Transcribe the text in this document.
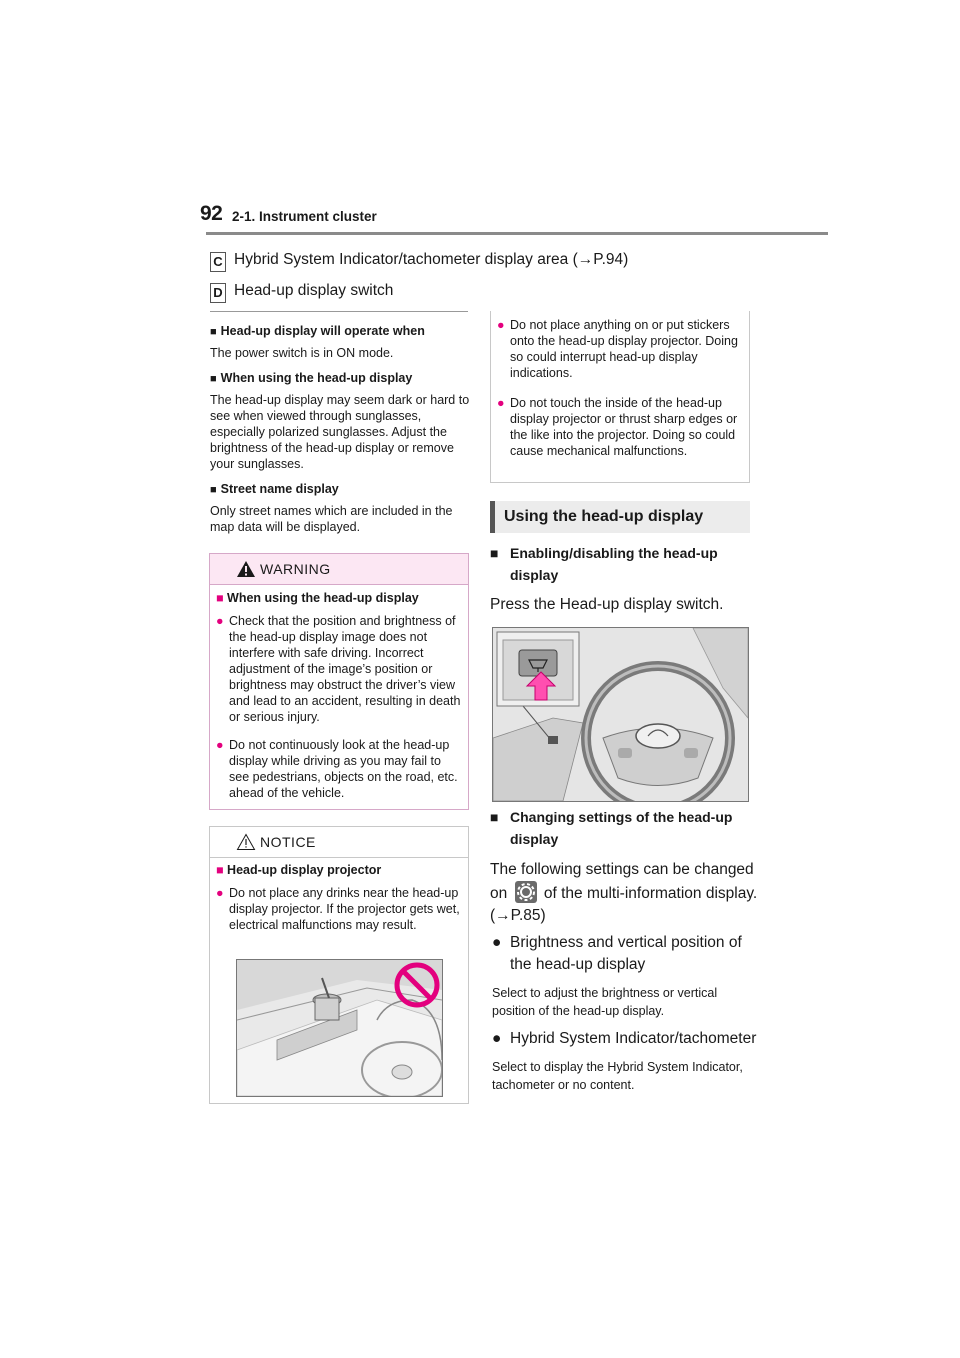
92 2-1. Instrument cluster
C Hybrid System Indicator/tachometer display area (→P.94)
D Head-up display switch
■ Head-up display will operate when
The power switch is in ON mode.
■ When using the head-up display
The head-up display may seem dark or hard to see when viewed through sunglasses, especially polarized sunglasses. Adjust the brightness of the head-up display or remove your sunglasses.
■ Street name display
Only street names which are included in the map data will be displayed.
WARNING
■ When using the head-up display
● Check that the position and brightness of the head-up display image does not interfere with safe driving. Incorrect adjustment of the image’s position or brightness may obstruct the driver’s view and lead to an accident, resulting in death or serious injury.
● Do not continuously look at the head-up display while driving as you may fail to see pedestrians, objects on the road, etc. ahead of the vehicle.
NOTICE
■ Head-up display projector
● Do not place any drinks near the head-up display projector. If the projector gets wet, electrical malfunctions may result.
● Do not place anything on or put stickers onto the head-up display projector. Doing so could interrupt head-up display indications.
● Do not touch the inside of the head-up display projector or thrust sharp edges or the like into the projector. Doing so could cause mechanical malfunctions.
Using the head-up display
■ Enabling/disabling the head-up display
Press the Head-up display switch.
■ Changing settings of the head-up display
The following settings can be changed on of the multi-information display.
(→P.85)
● Brightness and vertical position of the head-up display
Select to adjust the brightness or vertical position of the head-up display.
● Hybrid System Indicator/tachometer
Select to display the Hybrid System Indicator, tachometer or no content.
